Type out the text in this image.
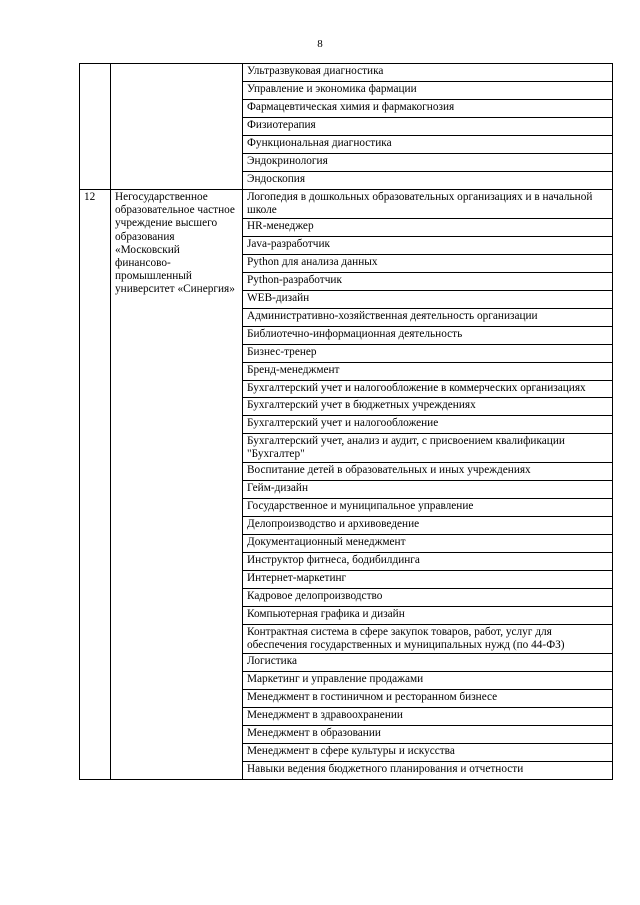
8
		Ультразвуковая диагностика
		Управление и экономика фармации
		Фармацевтическая химия и фармакогнозия
		Физиотерапия
		Функциональная диагностика
		Эндокринология
		Эндоскопия
12	Негосударственное образовательное частное учреждение высшего образования «Московский финансово-промышленный университет «Синергия»	Логопедия в дошкольных образовательных организациях и в начальной школе
		HR-менеджер
		Java-разработчик
		Python для анализа данных
		Python-разработчик
		WEB-дизайн
		Административно-хозяйственная деятельность организации
		Библиотечно-информационная деятельность
		Бизнес-тренер
		Бренд-менеджмент
		Бухгалтерский учет и налогообложение в коммерческих организациях
		Бухгалтерский учет в бюджетных учреждениях
		Бухгалтерский учет и налогообложение
		Бухгалтерский учет, анализ и аудит, с присвоением квалификации "Бухгалтер"
		Воспитание детей в образовательных и иных учреждениях
		Гейм-дизайн
		Государственное и муниципальное управление
		Делопроизводство и архивоведение
		Документационный менеджмент
		Инструктор фитнеса, бодибилдинга
		Интернет-маркетинг
		Кадровое делопроизводство
		Компьютерная графика и дизайн
		Контрактная система в сфере закупок товаров, работ, услуг для обеспечения государственных и муниципальных нужд (по 44-ФЗ)
		Логистика
		Маркетинг и управление продажами
		Менеджмент в гостиничном и ресторанном бизнесе
		Менеджмент в здравоохранении
		Менеджмент в образовании
		Менеджмент в сфере культуры и искусства
		Навыки ведения бюджетного планирования и отчетности
